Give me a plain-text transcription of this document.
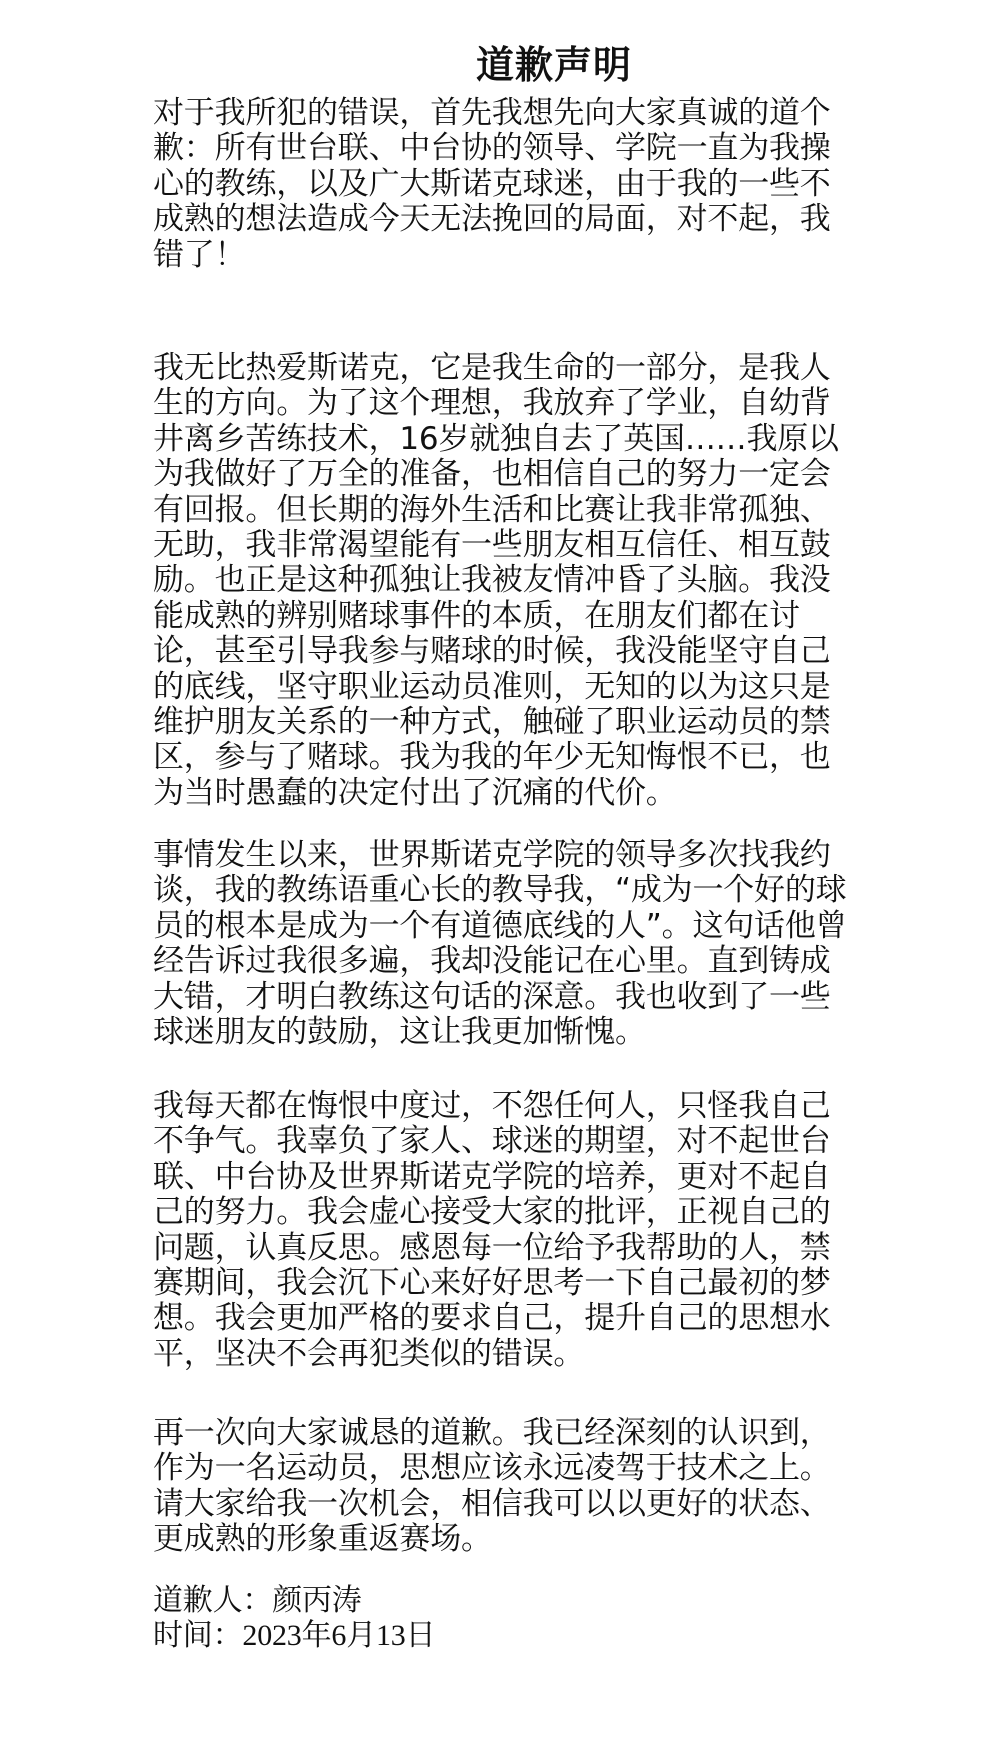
道歉声明
对于我所犯的错误，首先我想先向大家真诚的道个
歉：所有世台联、中台协的领导、学院一直为我操
心的教练，以及广大斯诺克球迷，由于我的一些不
成熟的想法造成今天无法挽回的局面，对不起，我
错了！
我无比热爱斯诺克，它是我生命的一部分，是我人
生的方向。为了这个理想，我放弃了学业，自幼背
井离乡苦练技术，16岁就独自去了英国……我原以
为我做好了万全的准备，也相信自己的努力一定会
有回报。但长期的海外生活和比赛让我非常孤独、
无助，我非常渴望能有一些朋友相互信任、相互鼓
励。也正是这种孤独让我被友情冲昏了头脑。我没
能成熟的辨别赌球事件的本质，在朋友们都在讨
论，甚至引导我参与赌球的时候，我没能坚守自己
的底线，坚守职业运动员准则，无知的以为这只是
维护朋友关系的一种方式，触碰了职业运动员的禁
区，参与了赌球。我为我的年少无知悔恨不已，也
为当时愚蠢的决定付出了沉痛的代价。
事情发生以来，世界斯诺克学院的领导多次找我约
谈，我的教练语重心长的教导我，“成为一个好的球
员的根本是成为一个有道德底线的人”。这句话他曾
经告诉过我很多遍，我却没能记在心里。直到铸成
大错，才明白教练这句话的深意。我也收到了一些
球迷朋友的鼓励，这让我更加惭愧。
我每天都在悔恨中度过，不怨任何人，只怪我自己
不争气。我辜负了家人、球迷的期望，对不起世台
联、中台协及世界斯诺克学院的培养，更对不起自
己的努力。我会虚心接受大家的批评，正视自己的
问题，认真反思。感恩每一位给予我帮助的人，禁
赛期间，我会沉下心来好好思考一下自己最初的梦
想。我会更加严格的要求自己，提升自己的思想水
平，坚决不会再犯类似的错误。
再一次向大家诚恳的道歉。我已经深刻的认识到，
作为一名运动员，思想应该永远凌驾于技术之上。
请大家给我一次机会，相信我可以以更好的状态、
更成熟的形象重返赛场。
道歉人：颜丙涛
时间：2023年6月13日
